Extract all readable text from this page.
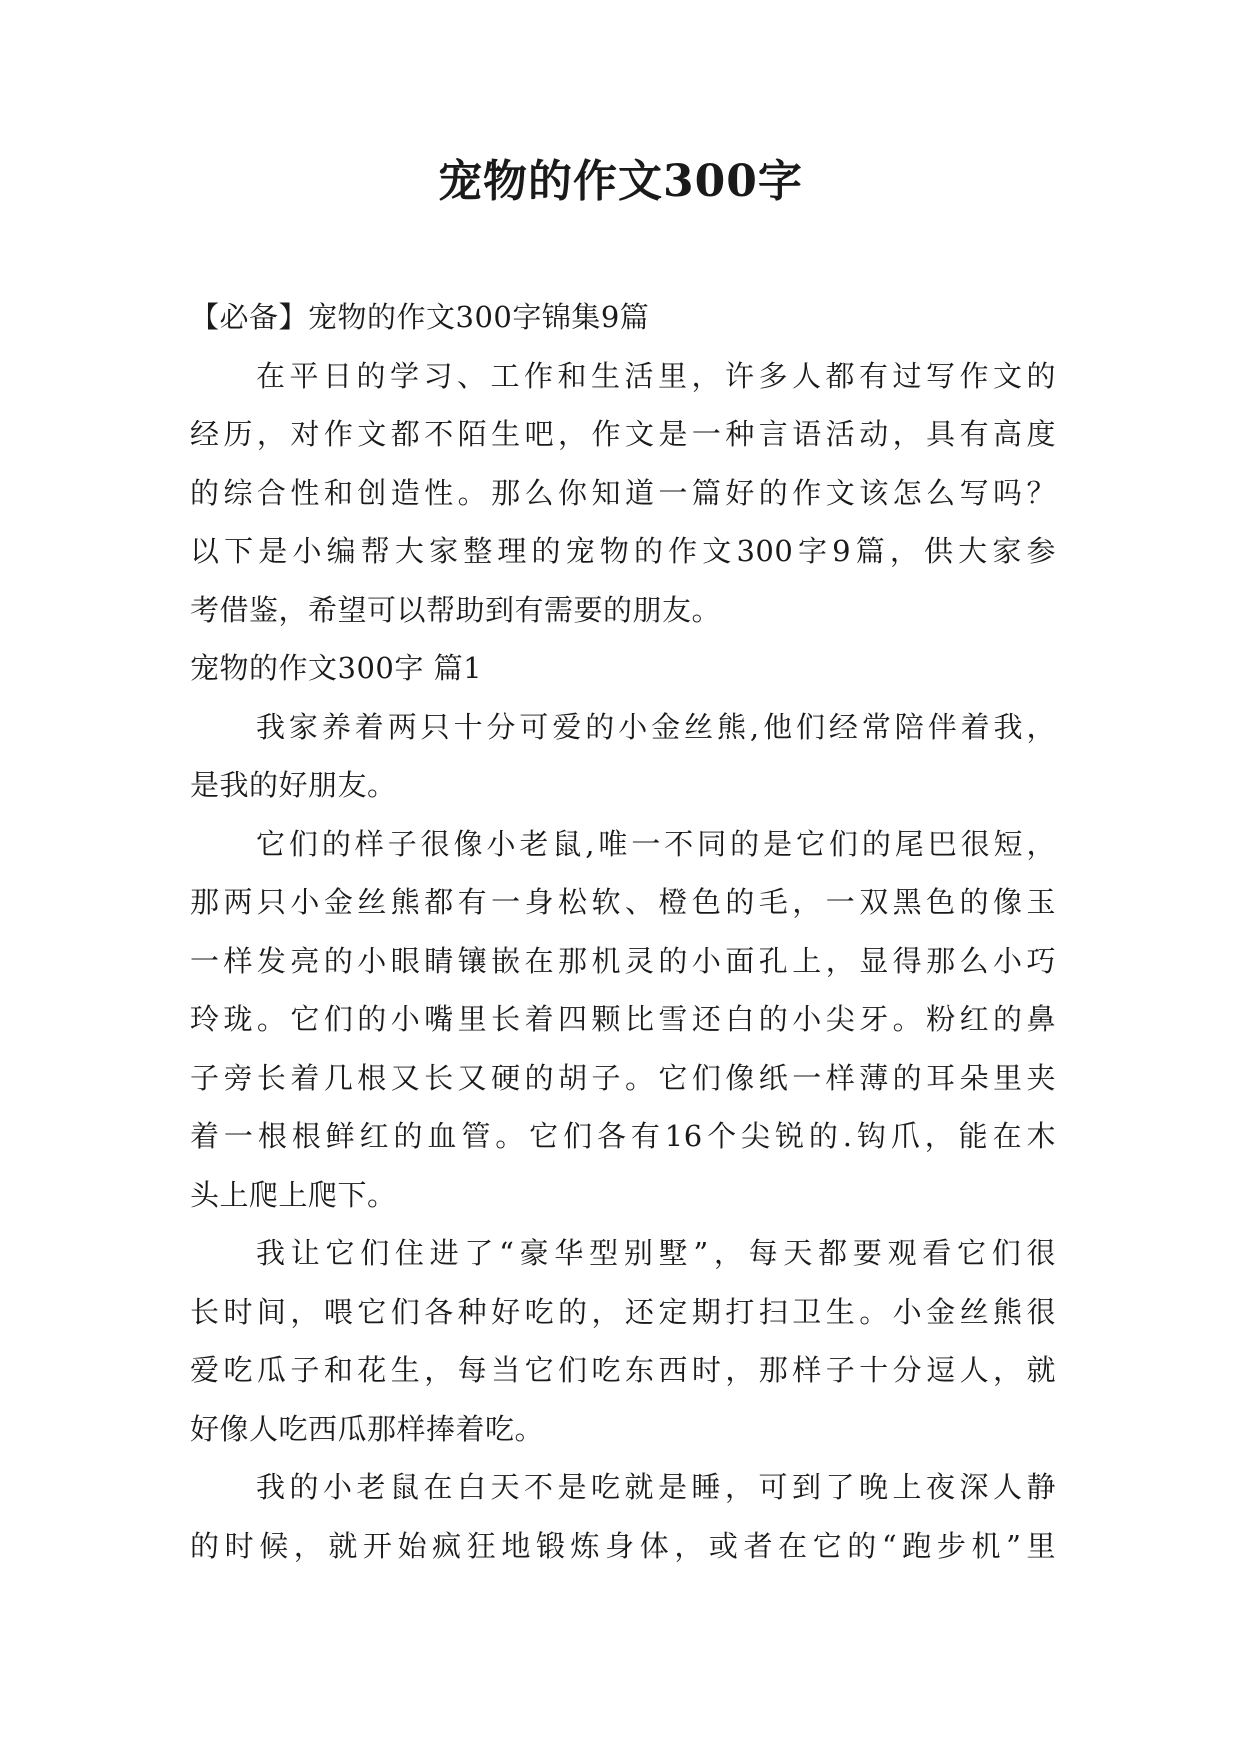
宠物的作文300字
【必备】宠物的作文300字锦集9篇
在平日的学习、工作和生活里，许多人都有过写作文的
经历，对作文都不陌生吧，作文是一种言语活动，具有高度
的综合性和创造性。那么你知道一篇好的作文该怎么写吗？
以下是小编帮大家整理的宠物的作文300字9篇，供大家参
考借鉴，希望可以帮助到有需要的朋友。
宠物的作文300字 篇1
我家养着两只十分可爱的小金丝熊,他们经常陪伴着我，
是我的好朋友。
它们的样子很像小老鼠,唯一不同的是它们的尾巴很短，
那两只小金丝熊都有一身松软、橙色的毛，一双黑色的像玉
一样发亮的小眼睛镶嵌在那机灵的小面孔上，显得那么小巧
玲珑。它们的小嘴里长着四颗比雪还白的小尖牙。粉红的鼻
子旁长着几根又长又硬的胡子。它们像纸一样薄的耳朵里夹
着一根根鲜红的血管。它们各有16个尖锐的.钩爪，能在木
头上爬上爬下。
我让它们住进了“豪华型别墅”，每天都要观看它们很
长时间，喂它们各种好吃的，还定期打扫卫生。小金丝熊很
爱吃瓜子和花生，每当它们吃东西时，那样子十分逗人，就
好像人吃西瓜那样捧着吃。
我的小老鼠在白天不是吃就是睡，可到了晚上夜深人静
的时候，就开始疯狂地锻炼身体，或者在它的“跑步机”里
